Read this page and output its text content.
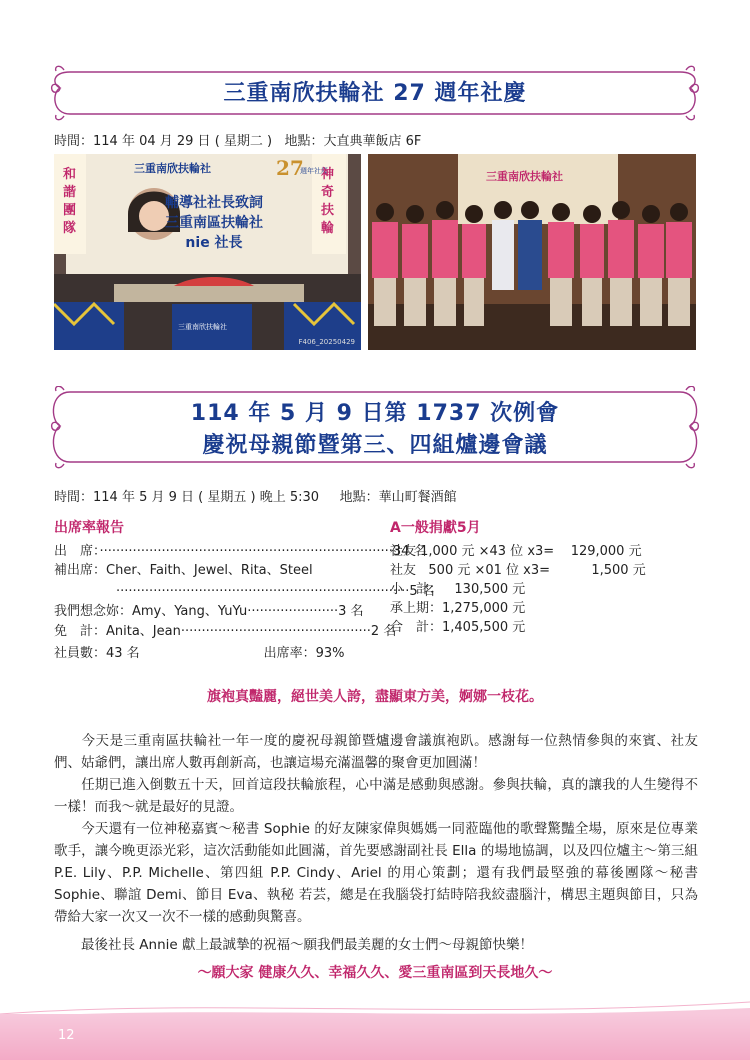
三重南欣扶輪社 27 週年社慶
時間：114 年 04 月 29 日 ( 星期二 )   地點：大直典華飯店 6F
三重南欣扶輪社	27
週年社慶
和諧團隊
神奇扶輪
輔導社社長致詞
三重南區扶輪社
nie 社長
三重南欣扶輪社
F406_20250429
三重南欣扶輪社
114 年 5 月 9 日第 1737 次例會
慶祝母親節暨第三、四組爐邊會議
時間：114 年 5 月 9 日 ( 星期五 ) 晚上 5:30     地點：華山町餐酒館
出席率報告
出　席：·······································································34 名
補出席：Cher、Faith、Jewel、Rita、Steel
·······································································5 名
我們想念妳：Amy、Yang、YuYu······················3 名
免　計：Anita、Jean··············································2 名
社員數：43 名                              出席率：93%
A一般捐獻5月
社友 1,000 元 ×43 位 x3=    129,000 元
社友   500 元 ×01 位 x3=          1,500 元
小　計：   130,500 元
承上期：1,275,000 元
合　計：1,405,500 元
旗袍真豔麗，絕世美人誇，盡顯東方美，婀娜一枝花。
今天是三重南區扶輪社一年一度的慶祝母親節暨爐邊會議旗袍趴。感謝每一位熱情參與的來賓、社友們、姑爺們，讓出席人數再創新高，也讓這場充滿溫馨的聚會更加圓滿！
任期已進入倒數五十天，回首這段扶輪旅程，心中滿是感動與感謝。參與扶輪，真的讓我的人生變得不一樣！而我～就是最好的見證。
今天還有一位神秘嘉賓～秘書 Sophie 的好友陳家偉與媽媽一同蒞臨他的歌聲驚豔全場，原來是位專業歌手，讓今晚更添光彩，這次活動能如此圓滿，首先要感謝副社長 Ella 的場地協調，以及四位爐主～第三組 P.E. Lily、P.P. Michelle、第四組 P.P. Cindy、Ariel 的用心策劃；還有我們最堅強的幕後團隊～秘書 Sophie、聯誼 Demi、節目 Eva、執秘 若芸，總是在我腦袋打結時陪我絞盡腦汁，構思主題與節目，只為帶給大家一次又一次不一樣的感動與驚喜。
最後社長 Annie 獻上最誠摯的祝福～願我們最美麗的女士們～母親節快樂！
～願大家 健康久久、幸福久久、愛三重南區到天長地久～
12
